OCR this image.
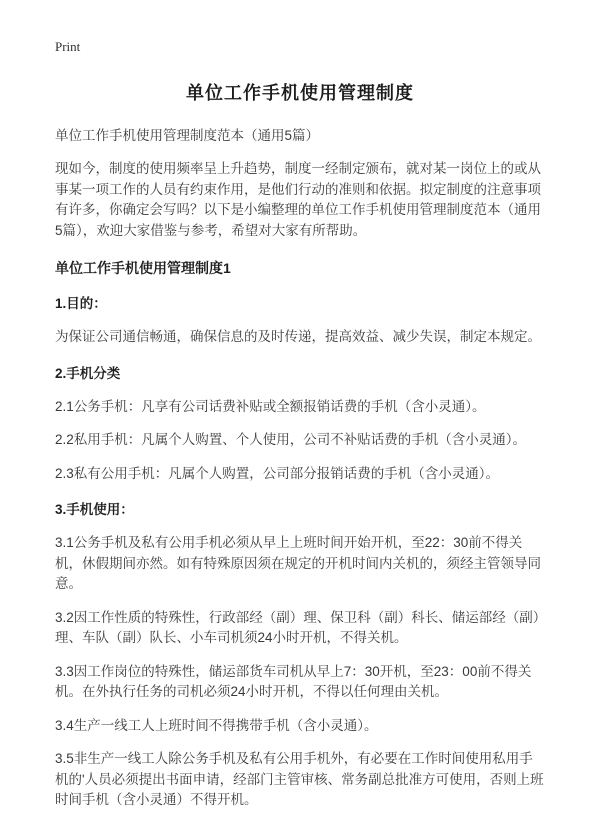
Print
单位工作手机使用管理制度

单位工作手机使用管理制度范本（通用5篇）

现如今，制度的使用频率呈上升趋势，制度一经制定颁布，就对某一岗位上的或从事某一项工作的人员有约束作用，是他们行动的准则和依据。拟定制度的注意事项有许多，你确定会写吗？以下是小编整理的单位工作手机使用管理制度范本（通用5篇），欢迎大家借鉴与参考，希望对大家有所帮助。

单位工作手机使用管理制度1
1.目的：

为保证公司通信畅通，确保信息的及时传递，提高效益、减少失误，制定本规定。

2.手机分类

2.1公务手机：凡享有公司话费补贴或全额报销话费的手机（含小灵通）。

2.2私用手机：凡属个人购置、个人使用，公司不补贴话费的手机（含小灵通）。

2.3私有公用手机：凡属个人购置，公司部分报销话费的手机（含小灵通）。

3.手机使用：

3.1公务手机及私有公用手机必须从早上上班时间开始开机，至22：30前不得关机，休假期间亦然。如有特殊原因须在规定的开机时间内关机的，须经主管领导同意。

3.2因工作性质的特殊性，行政部经（副）理、保卫科（副）科长、储运部经（副）理、车队（副）队长、小车司机须24小时开机，不得关机。

3.3因工作岗位的特殊性，储运部货车司机从早上7：30开机，至23：00前不得关机。在外执行任务的司机必须24小时开机，不得以任何理由关机。

3.4生产一线工人上班时间不得携带手机（含小灵通）。

3.5非生产一线工人除公务手机及私有公用手机外，有必要在工作时间使用私用手机的'人员必须提出书面申请，经部门主管审核、常务副总批准方可使用，否则上班时间手机（含小灵通）不得开机。
